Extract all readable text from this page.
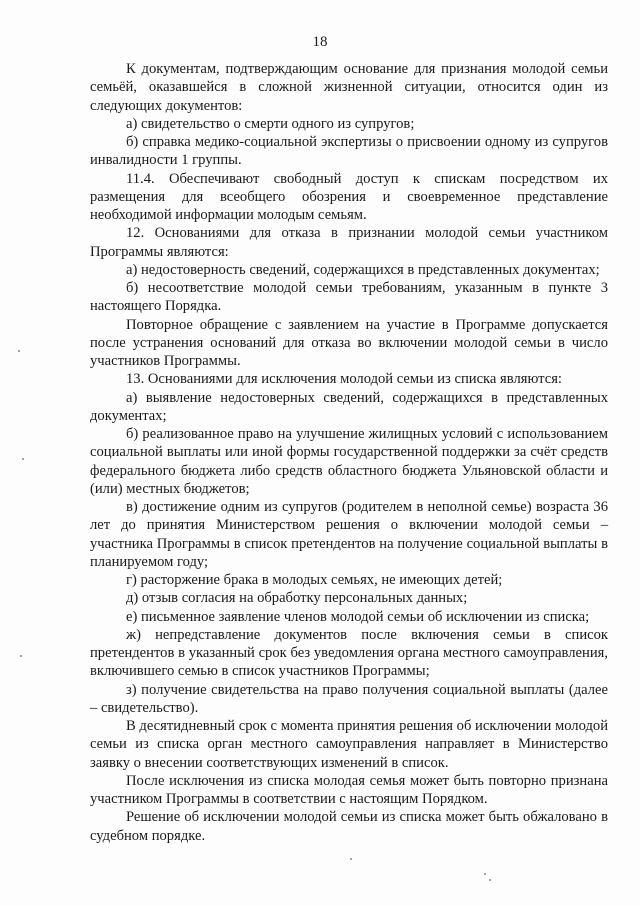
18

К документам, подтверждающим основание для признания молодой семьи семьёй, оказавшейся в сложной жизненной ситуации, относится один из следующих документов:

а) свидетельство о смерти одного из супругов;

б) справка медико-социальной экспертизы о присвоении одному из супругов инвалидности 1 группы.

11.4. Обеспечивают свободный доступ к спискам посредством их размещения для всеобщего обозрения и своевременное представление необходимой информации молодым семьям.

12. Основаниями для отказа в признании молодой семьи участником Программы являются:

а) недостоверность сведений, содержащихся в представленных документах;

б) несоответствие молодой семьи требованиям, указанным в пункте 3 настоящего Порядка.

Повторное обращение с заявлением на участие в Программе допускается после устранения оснований для отказа во включении молодой семьи в число участников Программы.

13. Основаниями для исключения молодой семьи из списка являются:

а) выявление недостоверных сведений, содержащихся в представленных документах;

б) реализованное право на улучшение жилищных условий с использованием социальной выплаты или иной формы государственной поддержки за счёт средств федерального бюджета либо средств областного бюджета Ульяновской области и (или) местных бюджетов;

в) достижение одним из супругов (родителем в неполной семье) возраста 36 лет до принятия Министерством решения о включении молодой семьи – участника Программы в список претендентов на получение социальной выплаты в планируемом году;

г) расторжение брака в молодых семьях, не имеющих детей;

д) отзыв согласия на обработку персональных данных;

е) письменное заявление членов молодой семьи об исключении из списка;

ж) непредставление документов после включения семьи в список претендентов в указанный срок без уведомления органа местного самоуправления, включившего семью в список участников Программы;

з) получение свидетельства на право получения социальной выплаты (далее – свидетельство).

В десятидневный срок с момента принятия решения об исключении молодой семьи из списка орган местного самоуправления направляет в Министерство заявку о внесении соответствующих изменений в список.

После исключения из списка молодая семья может быть повторно признана участником Программы в соответствии с настоящим Порядком.

Решение об исключении молодой семьи из списка может быть обжаловано в судебном порядке.
